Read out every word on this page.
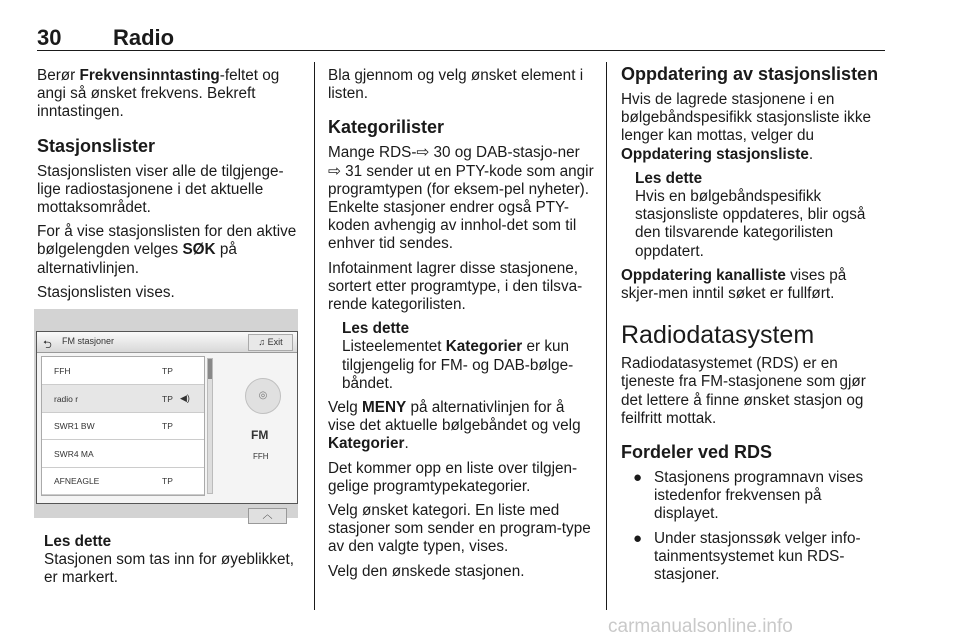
30 Radio

Berør Frekvensinntasting-feltet og angi så ønsket frekvens. Bekreft inntastingen.

Stasjonslister

Stasjonslisten viser alle de tilgjenge-lige radiostasjonene i det aktuelle mottaksområdet.

For å vise stasjonslisten for den aktive bølgelengden velges SØK på alternativlinjen.

Stasjonslisten vises.

⮌ FM stasjoner	♫ Exit
FFH	TP
radio r	TP ◀)
SWR1 BW	TP
SWR4 MA
AFNEAGLE	TP
◎
FM
FFH
︿
Les dette
Stasjonen som tas inn for øyeblikket, er markert.

Bla gjennom og velg ønsket element i listen.

Kategorilister

Mange RDS-⇨ 30 og DAB-stasjo-ner ⇨ 31 sender ut en PTY-kode som angir programtypen (for eksem-pel nyheter). Enkelte stasjoner endrer også PTY-koden avhengig av innhol-det som til enhver tid sendes.

Infotainment lagrer disse stasjonene, sortert etter programtype, i den tilsva-rende kategorilisten.

Les dette
Listeelementet Kategorier er kun tilgjengelig for FM- og DAB-bølge-båndet.

Velg MENY på alternativlinjen for å vise det aktuelle bølgebåndet og velg Kategorier.

Det kommer opp en liste over tilgjen-gelige programtypekategorier.

Velg ønsket kategori. En liste med stasjoner som sender en program-type av den valgte typen, vises.

Velg den ønskede stasjonen.

Oppdatering av stasjonslisten

Hvis de lagrede stasjonene i en bølgebåndspesifikk stasjonsliste ikke lenger kan mottas, velger du Oppdatering stasjonsliste.

Les dette
Hvis en bølgebåndspesifikk stasjonsliste oppdateres, blir også den tilsvarende kategorilisten oppdatert.

Oppdatering kanalliste vises på skjer-men inntil søket er fullført.

Radiodatasystem

Radiodatasystemet (RDS) er en tjeneste fra FM-stasjonene som gjør det lettere å finne ønsket stasjon og feilfritt mottak.

Fordeler ved RDS
● Stasjonens programnavn vises istedenfor frekvensen på displayet.
● Under stasjonssøk velger info-tainmentsystemet kun RDS-stasjoner.
carmanualsonline.info
